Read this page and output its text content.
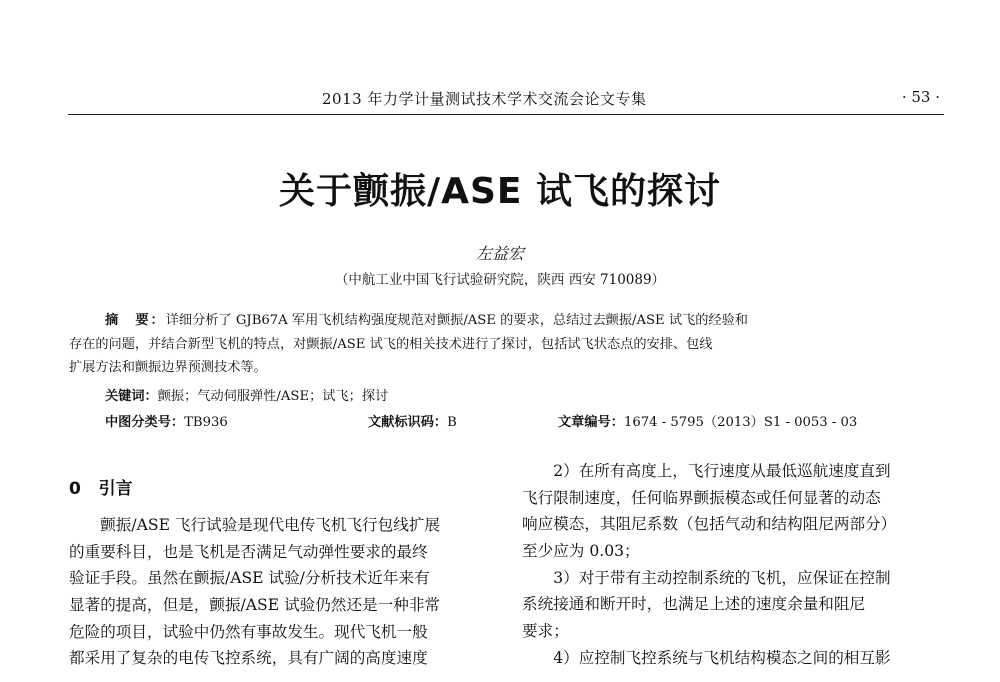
2013 年力学计量测试技术学术交流会论文专集	· 53 ·
关于颤振/ASE 试飞的探讨
左益宏
（中航工业中国飞行试验研究院，陕西 西安 710089）
摘　要：详细分析了 GJB67A 军用飞机结构强度规范对颤振/ASE 的要求，总结过去颤振/ASE 试飞的经验和
存在的问题，并结合新型飞机的特点，对颤振/ASE 试飞的相关技术进行了探讨，包括试飞状态点的安排、包线
扩展方法和颤振边界预测技术等。
关键词：颤振；气动伺服弹性/ASE；试飞；探讨
中图分类号：TB936	文献标识码：B	文章编号：1674 - 5795（2013）S1 - 0053 - 03
0 引言
　　颤振/ASE 飞行试验是现代电传飞机飞行包线扩展
的重要科目，也是飞机是否满足气动弹性要求的最终
验证手段。虽然在颤振/ASE 试验/分析技术近年来有
显著的提高，但是，颤振/ASE 试验仍然还是一种非常
危险的项目，试验中仍然有事故发生。现代飞机一般
都采用了复杂的电传飞控系统，具有广阔的高度速度
　　2）在所有高度上，飞行速度从最低巡航速度直到
飞行限制速度，任何临界颤振模态或任何显著的动态
响应模态，其阻尼系数（包括气动和结构阻尼两部分）
至少应为 0.03；
　　3）对于带有主动控制系统的飞机，应保证在控制
系统接通和断开时，也满足上述的速度余量和阻尼
要求；
　　4）应控制飞控系统与飞机结构模态之间的相互影
